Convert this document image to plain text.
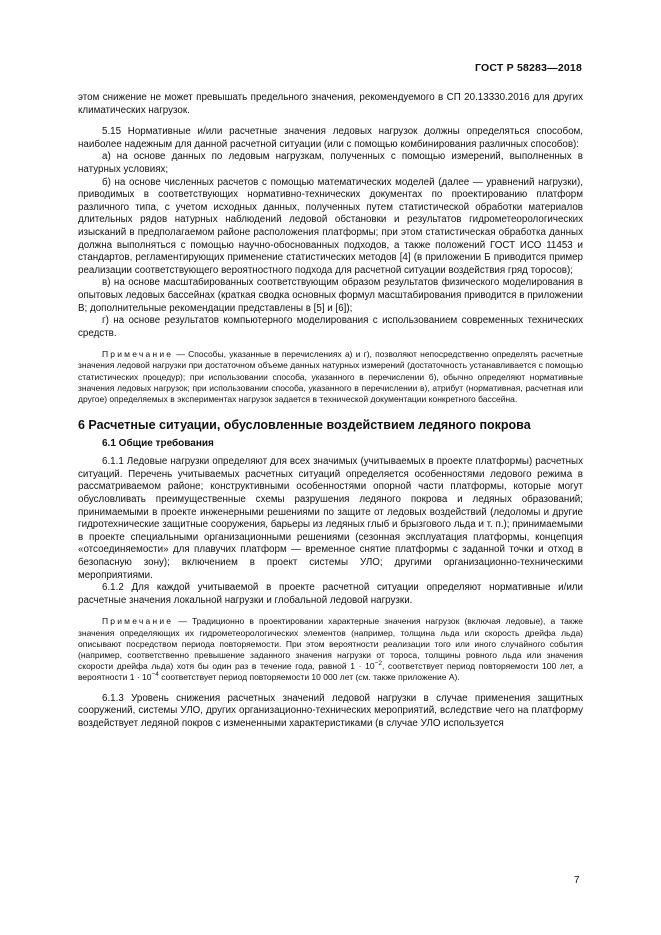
ГОСТ Р 58283—2018

этом снижение не может превышать предельного значения, рекомендуемого в СП 20.13330.2016 для других климатических нагрузок.

5.15 Нормативные и/или расчетные значения ледовых нагрузок должны определяться способом, наиболее надежным для данной расчетной ситуации (или с помощью комбинирования различных способов):

а) на основе данных по ледовым нагрузкам, полученных с помощью измерений, выполненных в натурных условиях;

б) на основе численных расчетов с помощью математических моделей (далее — уравнений нагрузки), приводимых в соответствующих нормативно-технических документах по проектированию платформ различного типа, с учетом исходных данных, полученных путем статистической обработки материалов длительных рядов натурных наблюдений ледовой обстановки и результатов гидрометеорологических изысканий в предполагаемом районе расположения платформы; при этом статистическая обработка данных должна выполняться с помощью научно-обоснованных подходов, а также положений ГОСТ ИСО 11453 и стандартов, регламентирующих применение статистических методов [4] (в приложении Б приводится пример реализации соответствующего вероятностного подхода для расчетной ситуации воздействия гряд торосов);

в) на основе масштабированных соответствующим образом результатов физического моделирования в опытовых ледовых бассейнах (краткая сводка основных формул масштабирования приводится в приложении В; дополнительные рекомендации представлены в [5] и [6]);

г) на основе результатов компьютерного моделирования с использованием современных технических средств.

Примечание — Способы, указанные в перечислениях а) и г), позволяют непосредственно определять расчетные значения ледовой нагрузки при достаточном объеме данных натурных измерений (достаточность устанавливается с помощью статистических процедур); при использовании способа, указанного в перечислении б), обычно определяют нормативные значения ледовых нагрузок; при использовании способа, указанного в перечислении в), атрибут (нормативная, расчетная или другое) определяемых в экспериментах нагрузок задается в технической документации конкретного бассейна.

6 Расчетные ситуации, обусловленные воздействием ледяного покрова
6.1 Общие требования

6.1.1 Ледовые нагрузки определяют для всех значимых (учитываемых в проекте платформы) расчетных ситуаций. Перечень учитываемых расчетных ситуаций определяется особенностями ледового режима в рассматриваемом районе; конструктивными особенностями опорной части платформы, которые могут обусловливать преимущественные схемы разрушения ледяного покрова и ледяных образований; принимаемыми в проекте инженерными решениями по защите от ледовых воздействий (ледоломы и другие гидротехнические защитные сооружения, барьеры из ледяных глыб и брызгового льда и т. п.); принимаемыми в проекте специальными организационными решениями (сезонная эксплуатация платформы, концепция «отсоединяемости» для плавучих платформ — временное снятие платформы с заданной точки и отход в безопасную зону); включением в проект системы УЛО; другими организационно-техническими мероприятиями.

6.1.2 Для каждой учитываемой в проекте расчетной ситуации определяют нормативные и/или расчетные значения локальной нагрузки и глобальной ледовой нагрузки.

Примечание — Традиционно в проектировании характерные значения нагрузок (включая ледовые), а также значения определяющих их гидрометеорологических элементов (например, толщина льда или скорость дрейфа льда) описывают посредством периода повторяемости. При этом вероятности реализации того или иного случайного события (например, соответственно превышение заданного значения нагрузки от тороса, толщины ровного льда или значения скорости дрейфа льда) хотя бы один раз в течение года, равной $1 \cdot 10^{-2}$, соответствует период повторяемости 100 лет, а вероятности $1 \cdot 10^{-4}$ соответствует период повторяемости 10 000 лет (см. также приложение А).

6.1.3 Уровень снижения расчетных значений ледовой нагрузки в случае применения защитных сооружений, системы УЛО, других организационно-технических мероприятий, вследствие чего на платформу воздействует ледяной покров с измененными характеристиками (в случае УЛО используется

7
